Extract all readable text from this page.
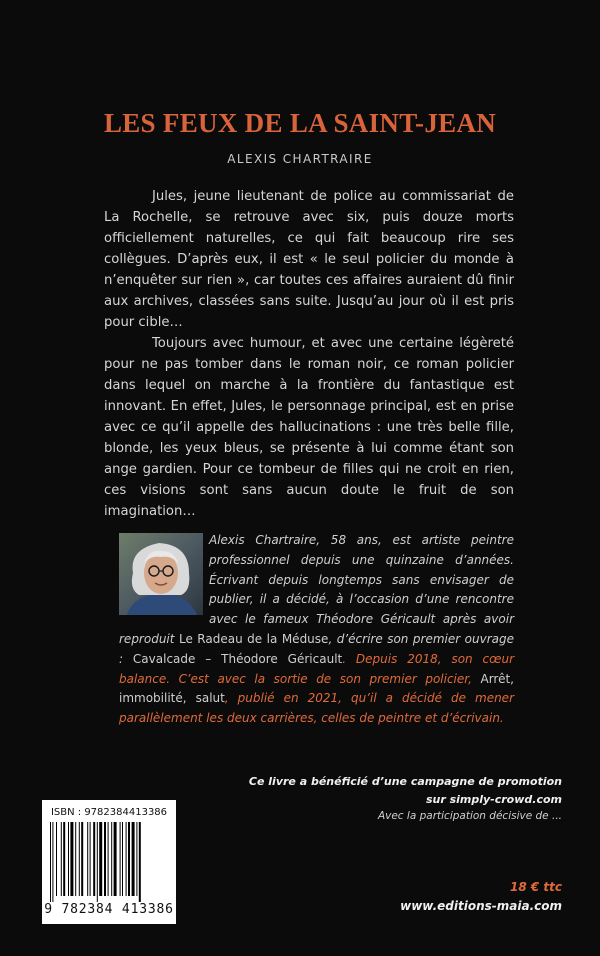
LES FEUX DE LA SAINT-JEAN
ALEXIS CHARTRAIRE

Jules, jeune lieutenant de police au commissariat de La Rochelle, se retrouve avec six, puis douze morts officiellement naturelles, ce qui fait beaucoup rire ses collègues. D’après eux, il est « le seul policier du monde à n’enquêter sur rien », car toutes ces affaires auraient dû finir aux archives, classées sans suite. Jusqu’au jour où il est pris pour cible…

Toujours avec humour, et avec une certaine légèreté pour ne pas tomber dans le roman noir, ce roman policier dans lequel on marche à la frontière du fantastique est innovant. En effet, Jules, le personnage principal, est en prise avec ce qu’il appelle des hallucinations : une très belle fille, blonde, les yeux bleus, se présente à lui comme étant son ange gardien. Pour ce tombeur de filles qui ne croit en rien, ces visions sont sans aucun doute le fruit de son imagination…

Alexis Chartraire, 58 ans, est artiste peintre professionnel depuis une quinzaine d’années. Écrivant depuis longtemps sans envisager de publier, il a décidé, à l’occasion d’une rencontre avec le fameux Théodore Géricault après avoir reproduit Le Radeau de la Méduse, d’écrire son premier ouvrage : Cavalcade – Théodore Géricault. Depuis 2018, son cœur balance. C’est avec la sortie de son premier policier, Arrêt, immobilité, salut, publié en 2021, qu’il a décidé de mener parallèlement les deux carrières, celles de peintre et d’écrivain.
Ce livre a bénéficié d’une campagne de promotion
sur simply-crowd.com
Avec la participation décisive de ...
18 € ttc
www.editions-maia.com
ISBN : 9782384413386
9 782384 413386
